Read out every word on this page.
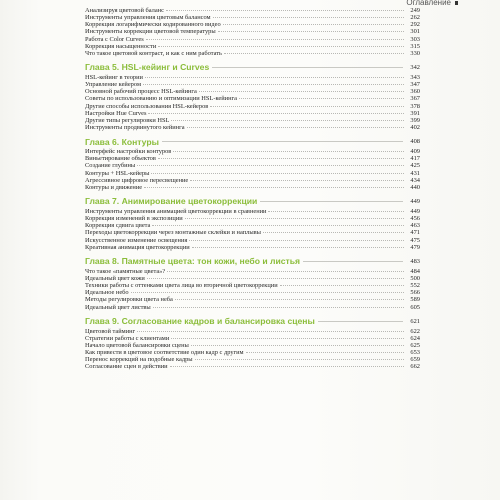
Оглавление
Анализируя цветовой баланс	249
Инструменты управления цветовым балансом	262
Коррекция логарифмически кодированного видео	292
Инструменты коррекции цветовой температуры	301
Работа с Color Curves	303
Коррекция насыщенности	315
Что такое цветовой контраст, и как с ним работать	330
Глава 5. HSL-кейинг и Curves	342
HSL-кейинг в теории	343
Управление кейером	347
Основной рабочий процесс HSL-кейинга	360
Советы по использованию и оптимизации HSL-кейинга	367
Другие способы использования HSL-кейеров	378
Настройки Hue Curves	391
Другие типы регулировки HSL	399
Инструменты продвинутого кейинга	402
Глава 6. Контуры	408
Интерфейс настройки контуров	409
Виньетирование объектов	417
Создание глубины	425
Контуры + HSL-кейеры	431
Агрессивное цифровое пересвещение	434
Контуры и движение	440
Глава 7. Анимирование цветокоррекции	449
Инструменты управления анимацией цветокоррекции в сравнении	449
Коррекция изменений в экспозиции	456
Коррекция сдвига цвета	463
Переходы цветокоррекции через монтажные склейки и наплывы	471
Искусственное изменение освещения	475
Креативная анимация цветокоррекции	479
Глава 8. Памятные цвета: тон кожи, небо и листья	483
Что такое «памятные цвета»?	484
Идеальный цвет кожи	500
Техники работы с оттенками цвета лица во вторичной цветокоррекции	552
Идеальное небо	566
Методы регулировки цвета неба	589
Идеальный цвет листвы	605
Глава 9. Согласование кадров и балансировка сцены	621
Цветовой тайминг	622
Стратегии работы с клиентами	624
Начало цветовой балансировки сцены	625
Как привести в цветовое соответствие один кадр с другим	653
Перенос коррекций на подобные кадры	659
Согласование сцен в действии	662
